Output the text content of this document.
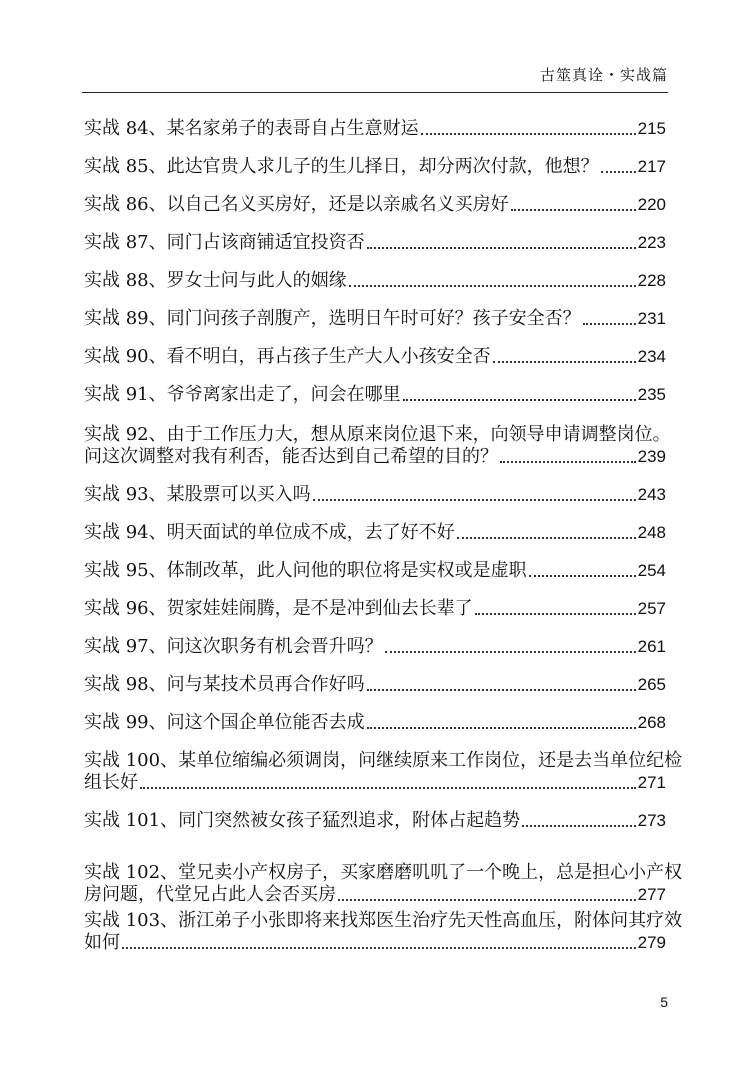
古筮真诠・实战篇
实战 84、某名家弟子的表哥自占生意财运	215
实战 85、此达官贵人求儿子的生儿择日，却分两次付款，他想？ 217
实战 86、以自己名义买房好，还是以亲戚名义买房好	220
实战 87、同门占该商铺适宜投资否	223
实战 88、罗女士问与此人的姻缘	228
实战 89、同门问孩子剖腹产，选明日午时可好？孩子安全否？	231
实战 90、看不明白，再占孩子生产大人小孩安全否	234
实战 91、爷爷离家出走了，问会在哪里	235
实战 92、由于工作压力大，想从原来岗位退下来，向领导申请调整岗位。
问这次调整对我有利否，能否达到自己希望的目的？	239
实战 93、某股票可以买入吗	243
实战 94、明天面试的单位成不成，去了好不好	248
实战 95、体制改革，此人问他的职位将是实权或是虚职	254
实战 96、贺家娃娃闹腾，是不是冲到仙去长辈了	257
实战 97、问这次职务有机会晋升吗？	261
实战 98、问与某技术员再合作好吗	265
实战 99、问这个国企单位能否去成	268
实战 100、某单位缩编必须调岗，问继续原来工作岗位，还是去当单位纪检
组长好	271
实战 101、同门突然被女孩子猛烈追求，附体占起趋势	273
实战 102、堂兄卖小产权房子，买家磨磨叽叽了一个晚上，总是担心小产权
房问题，代堂兄占此人会否买房	277
实战 103、浙江弟子小张即将来找郑医生治疗先天性高血压，附体问其疗效
如何	279
5
